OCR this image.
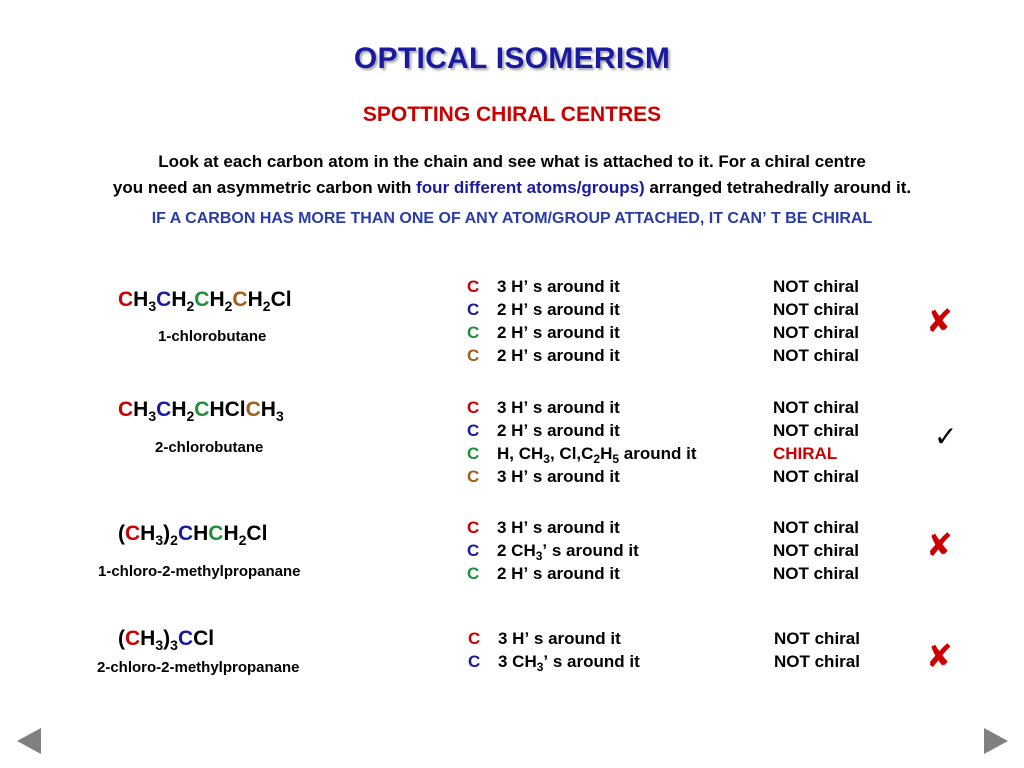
OPTICAL ISOMERISM
SPOTTING CHIRAL CENTRES
Look at each carbon atom in the chain and see what is attached to it. For a chiral centre
you need an asymmetric carbon with four different atoms/groups) arranged tetrahedrally around it.
IF A CARBON HAS MORE THAN ONE OF ANY ATOM/GROUP ATTACHED, IT CANʼ T BE CHIRAL
$CH_3CH_2CH_2CH_2Cl$
1-chlorobutane
C 3 Hʼ s around it	NOT chiral
C 2 Hʼ s around it	NOT chiral
C 2 Hʼ s around it	NOT chiral
C 2 Hʼ s around it	NOT chiral
✘
$CH_3CH_2CHClCH_3$
2-chlorobutane
C 3 Hʼ s around it	NOT chiral
C 2 Hʼ s around it	NOT chiral
C H, $CH_3$, $Cl,C_2H_5$ around it	CHIRAL
C 3 Hʼ s around it	NOT chiral
✓
$(CH_3)_2CHCH_2Cl$
1-chloro-2-methylpropanane
C 3 Hʼ s around it	NOT chiral
C 2 $CH_3ʼ$ s around it	NOT chiral
C 2 Hʼ s around it	NOT chiral
✘
$(CH_3)_3CCl$
2-chloro-2-methylpropanane
C 3 Hʼ s around it	NOT chiral
C 3 $CH_3ʼ$ s around it	NOT chiral ✘
